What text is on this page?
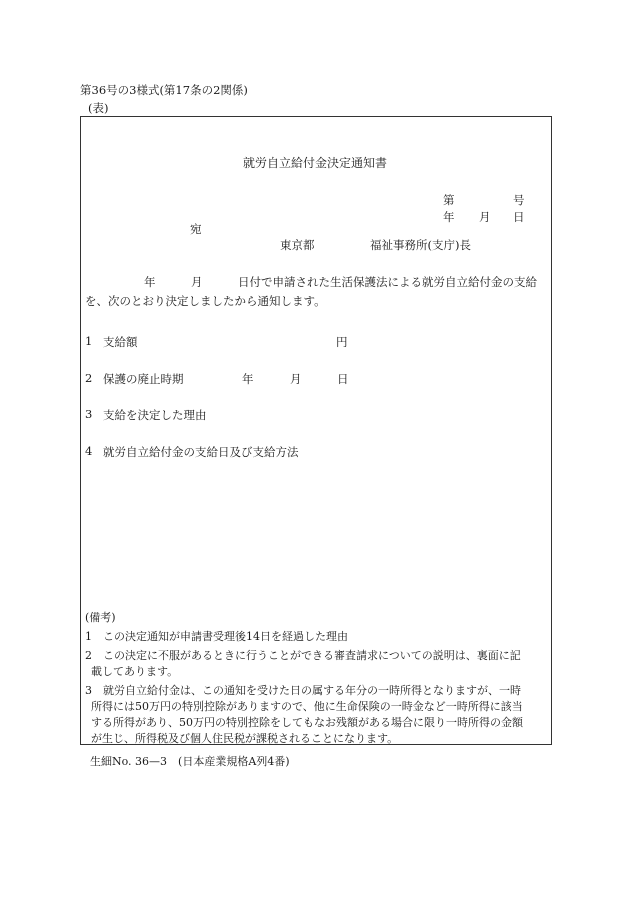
第36号の3様式(第17条の2関係)
(表)
就労自立給付金決定通知書
第	号
年 月 日
宛
東京都	福祉事務所(支庁)長
年	月	日付で申請された生活保護法による就労自立給付金の支給
を、次のとおり決定しましたから通知します。
1 支給額	円
2 保護の廃止時期	年	月	日
3 支給を決定した理由
4 就労自立給付金の支給日及び支給方法
(備考)
1 この決定通知が申請書受理後14日を経過した理由
2 この決定に不服があるときに行うことができる審査請求についての説明は、裏面に記
載してあります。
3 就労自立給付金は、この通知を受けた日の属する年分の一時所得となりますが、一時
所得には50万円の特別控除がありますので、他に生命保険の一時金など一時所得に該当
する所得があり、50万円の特別控除をしてもなお残額がある場合に限り一時所得の金額
が生じ、所得税及び個人住民税が課税されることになります。
生細No. 36—3　(日本産業規格A列4番)
